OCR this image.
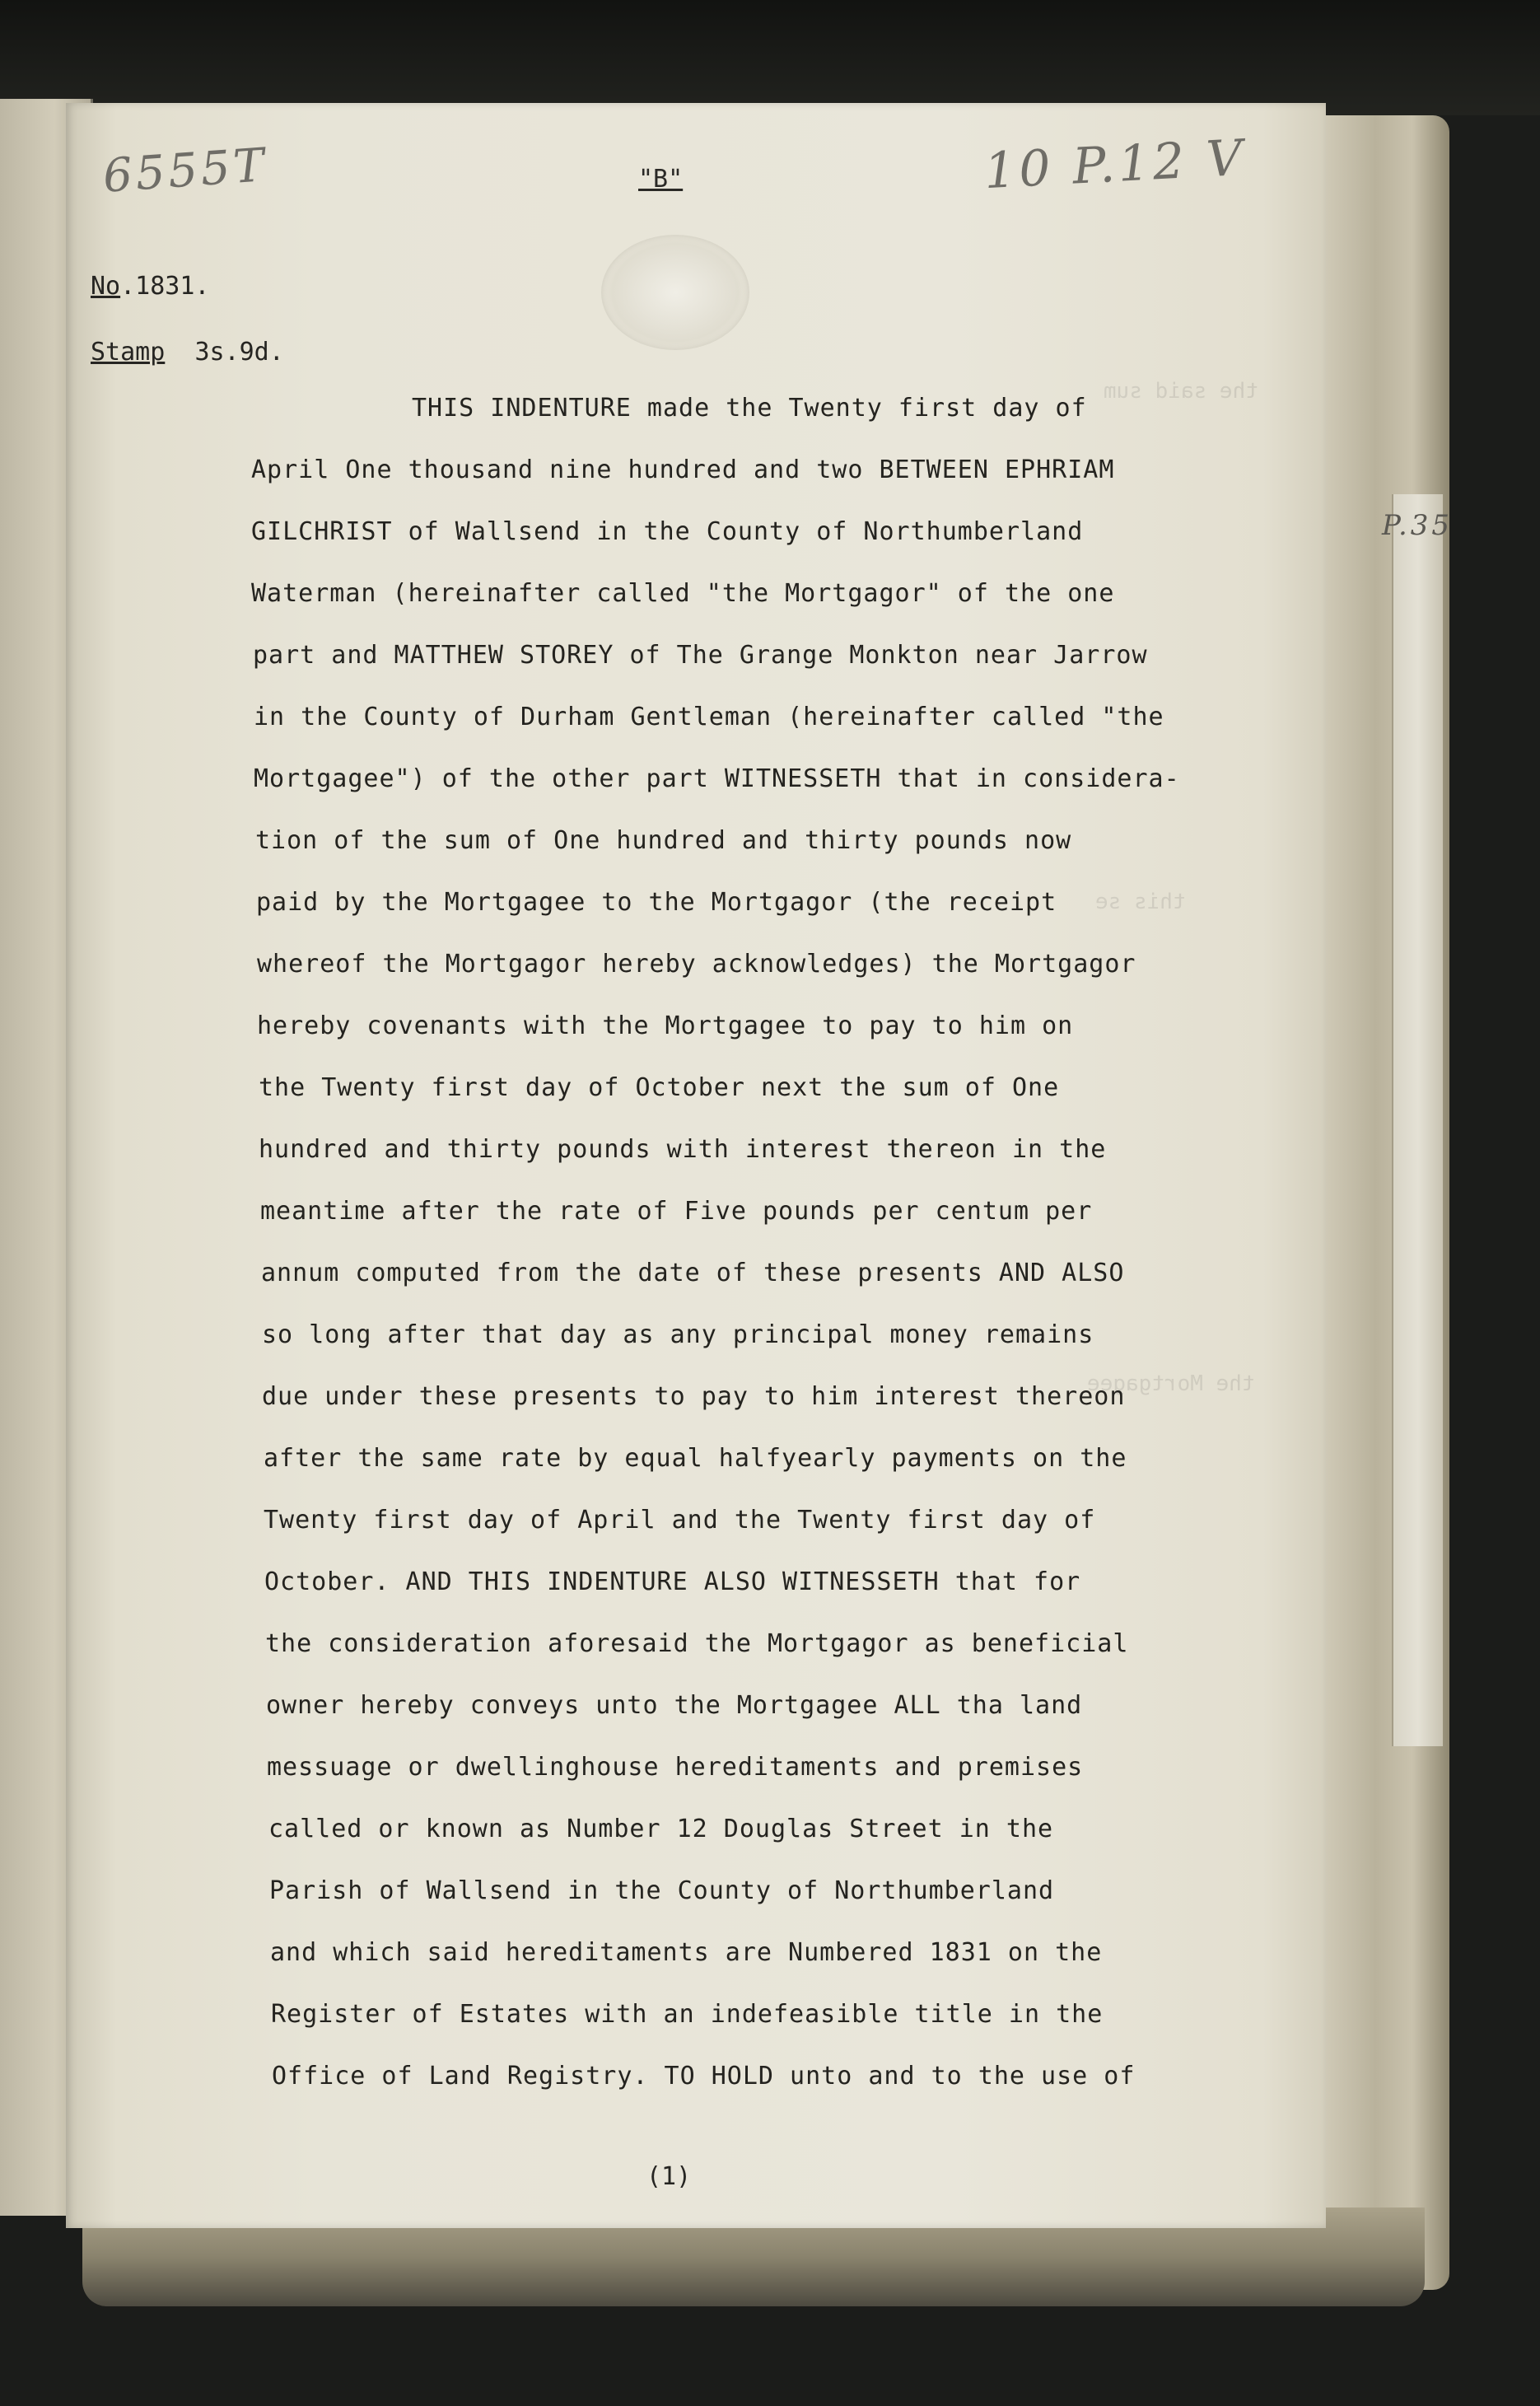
the said sum
this se
the Mortgagee
6555T	10 P.12 V
P.35
"B"
No.1831.
Stamp 3s.9d.
THIS INDENTURE made the Twenty first day of
April One thousand nine hundred and two BETWEEN EPHRIAM
GILCHRIST of Wallsend in the County of Northumberland
Waterman (hereinafter called "the Mortgagor" of the one
part and MATTHEW STOREY of The Grange Monkton near Jarrow
in the County of Durham Gentleman (hereinafter called "the
Mortgagee") of the other part WITNESSETH that in considera-
tion of the sum of One hundred and thirty pounds now
paid by the Mortgagee to the Mortgagor (the receipt
whereof the Mortgagor hereby acknowledges) the Mortgagor
hereby covenants with the Mortgagee to pay to him on
the Twenty first day of October next the sum of One
hundred and thirty pounds with interest thereon in the
meantime after the rate of Five pounds per centum per
annum computed from the date of these presents AND ALSO
so long after that day as any principal money remains
due under these presents to pay to him interest thereon
after the same rate by equal halfyearly payments on the
Twenty first day of April and the Twenty first day of
October. AND THIS INDENTURE ALSO WITNESSETH that for
the consideration aforesaid the Mortgagor as beneficial
owner hereby conveys unto the Mortgagee ALL tha land
messuage or dwellinghouse hereditaments and premises
called or known as Number 12 Douglas Street in the
Parish of Wallsend in the County of Northumberland
and which said hereditaments are Numbered 1831 on the
Register of Estates with an indefeasible title in the
Office of Land Registry. TO HOLD unto and to the use of
(1)
